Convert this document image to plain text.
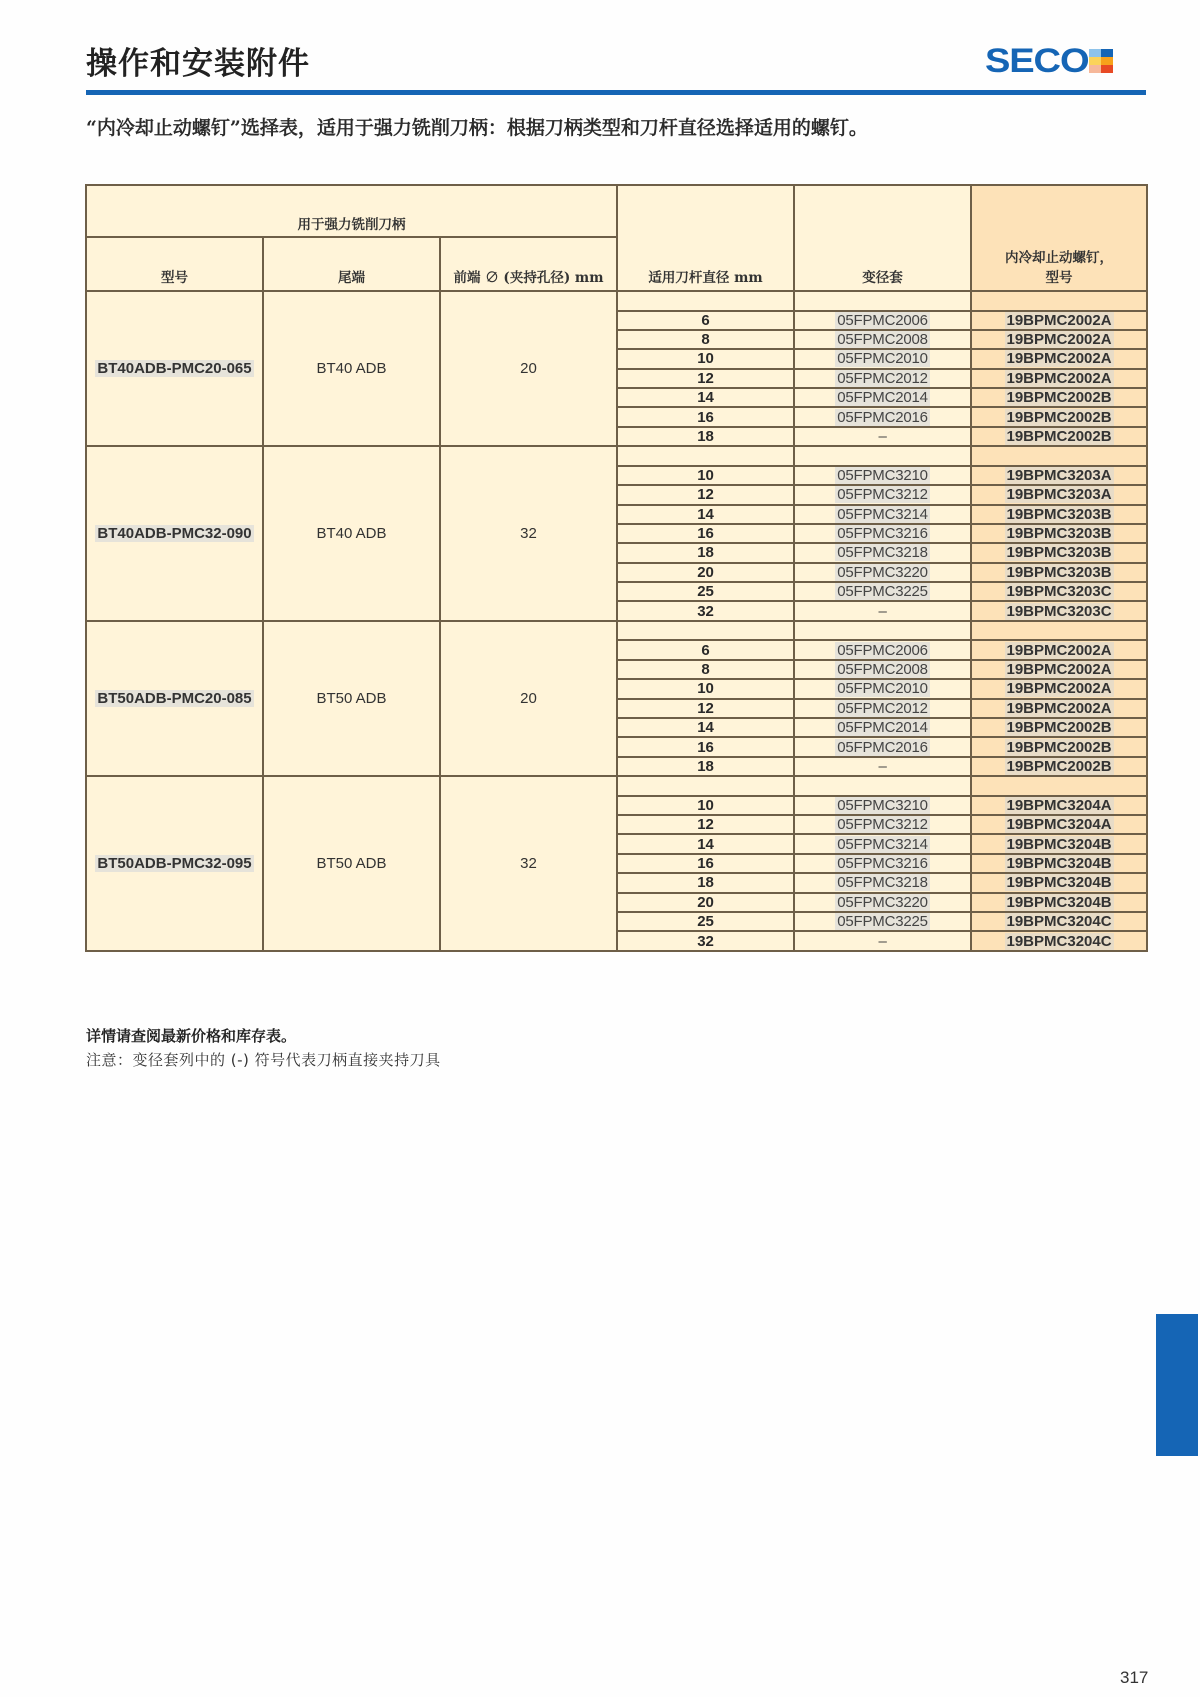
操作和安装附件	SECO
“内冷却止动螺钉”选择表，适用于强力铣削刀柄：根据刀柄类型和刀杆直径选择适用的螺钉。
用于强力铣削刀柄			适用刀杆直径 mm	变径套	内冷却止动螺钉，
型号
型号	尾端	前端 ∅ (夹持孔径) mm			
BT40ADB-PMC20-065	BT40 ADB	20			
			6	05FPMC2006	19BPMC2002A
			8	05FPMC2008	19BPMC2002A
			10	05FPMC2010	19BPMC2002A
			12	05FPMC2012	19BPMC2002A
			14	05FPMC2014	19BPMC2002B
			16	05FPMC2016	19BPMC2002B
			18	–	19BPMC2002B
BT40ADB-PMC32-090	BT40 ADB	32			
			10	05FPMC3210	19BPMC3203A
			12	05FPMC3212	19BPMC3203A
			14	05FPMC3214	19BPMC3203B
			16	05FPMC3216	19BPMC3203B
			18	05FPMC3218	19BPMC3203B
			20	05FPMC3220	19BPMC3203B
			25	05FPMC3225	19BPMC3203C
			32	–	19BPMC3203C
BT50ADB-PMC20-085	BT50 ADB	20			
			6	05FPMC2006	19BPMC2002A
			8	05FPMC2008	19BPMC2002A
			10	05FPMC2010	19BPMC2002A
			12	05FPMC2012	19BPMC2002A
			14	05FPMC2014	19BPMC2002B
			16	05FPMC2016	19BPMC2002B
			18	–	19BPMC2002B
BT50ADB-PMC32-095	BT50 ADB	32			
			10	05FPMC3210	19BPMC3204A
			12	05FPMC3212	19BPMC3204A
			14	05FPMC3214	19BPMC3204B
			16	05FPMC3216	19BPMC3204B
			18	05FPMC3218	19BPMC3204B
			20	05FPMC3220	19BPMC3204B
			25	05FPMC3225	19BPMC3204C
			32	–	19BPMC3204C
详情请查阅最新价格和库存表。
注意：变径套列中的 (-) 符号代表刀柄直接夹持刀具
317
